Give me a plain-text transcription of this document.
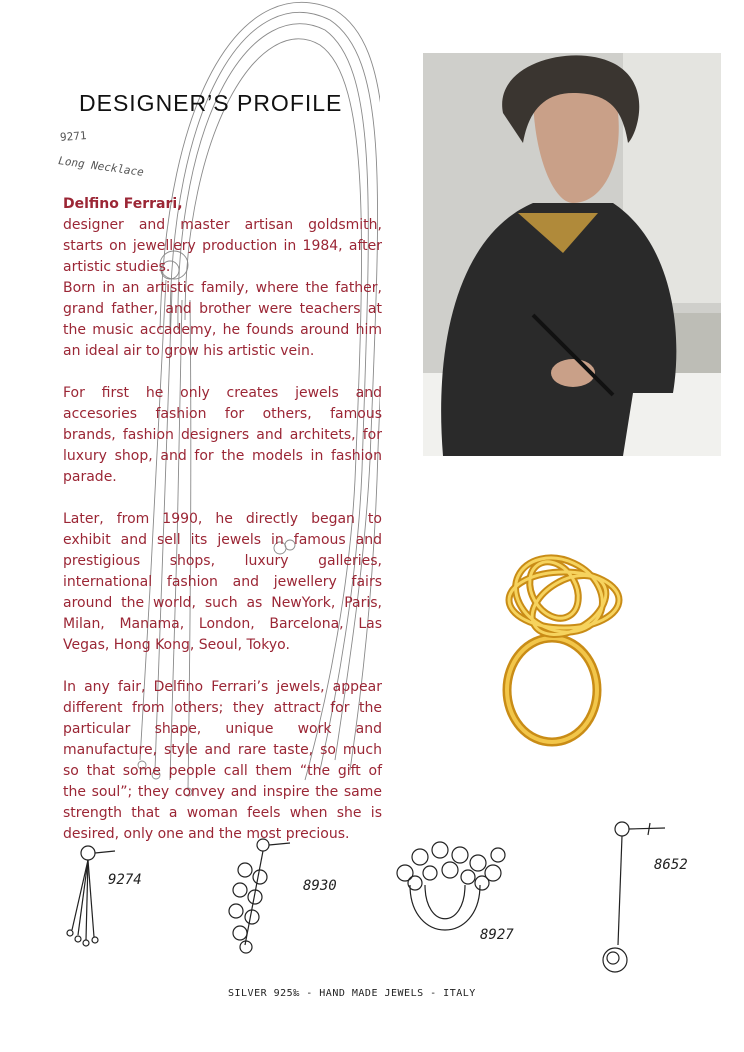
DESIGNER’S PROFILE
9271
Long Necklace

Delfino Ferrari,
designer and master artisan goldsmith, starts on jewellery production in 1984, after artistic studies.
Born in an artistic family, where the father, grand father, and brother were teachers at the music accademy, he founds around him an ideal air to grow his artistic vein.

For first he only creates jewels and accesories fashion for others, famous brands, fashion designers and architets, for luxury shop, and for the models in fashion parade.

Later, from 1990, he directly began to exhibit and sell its jewels in famous and prestigious shops, luxury galleries, international fashion and jewellery fairs around the world, such as NewYork, Paris, Milan, Manama, London, Barcelona, Las Vegas, Hong Kong, Seoul, Tokyo.

In any fair, Delfino Ferrari’s jewels, appear different from others; they attract for the particular shape, unique work and manufacture, style and rare taste, so much so that some people call them “the gift of the soul”; they convey and inspire the same strength that a woman feels when she is desired, only one and the most precious.

9274	8930
8927
8652
SILVER 925‰ - HAND MADE JEWELS - ITALY
